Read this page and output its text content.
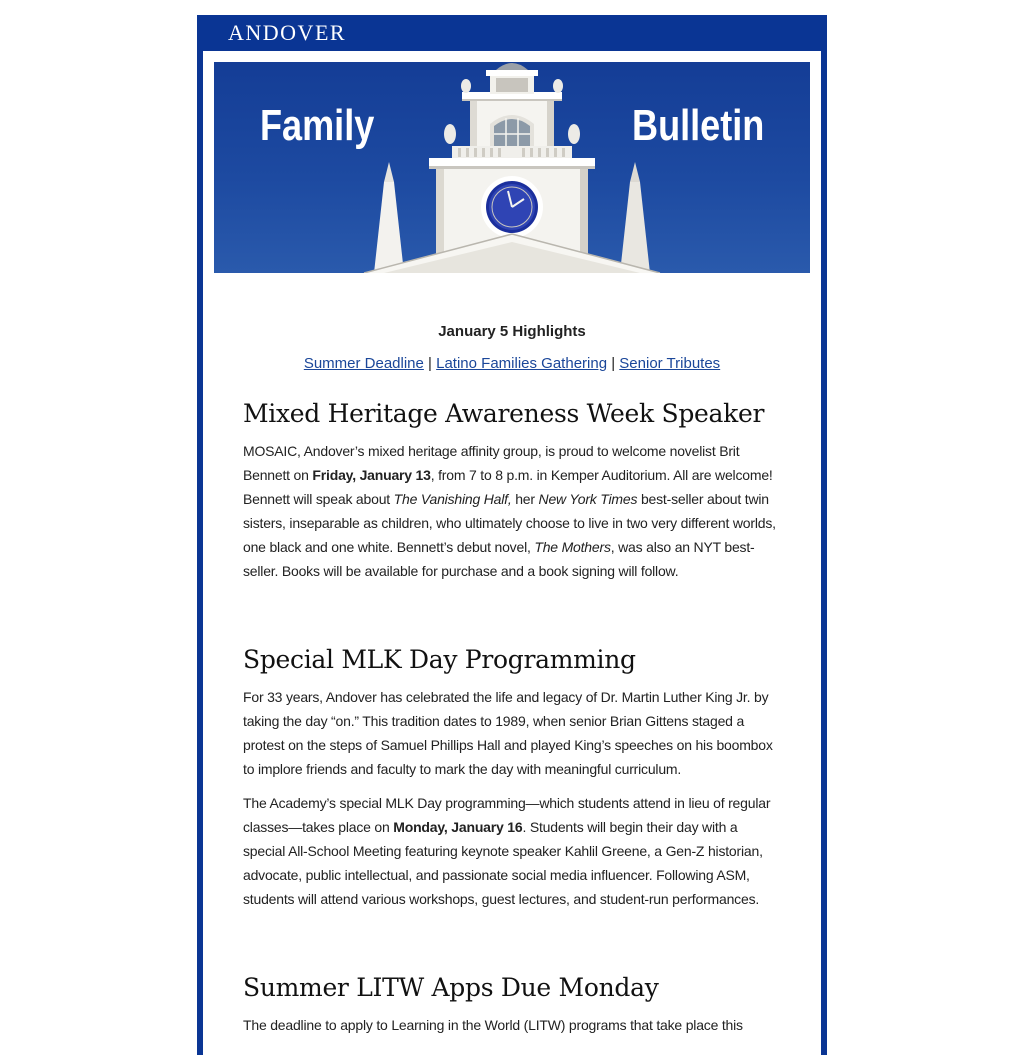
ANDOVER
Family	Bulletin
January 5 Highlights
Summer Deadline | Latino Families Gathering | Senior Tributes
Mixed Heritage Awareness Week Speaker

MOSAIC, Andover’s mixed heritage affinity group, is proud to welcome novelist Brit Bennett on Friday, January 13, from 7 to 8 p.m. in Kemper Auditorium. All are welcome! Bennett will speak about The Vanishing Half, her New York Times best-seller about twin sisters, inseparable as children, who ultimately choose to live in two very different worlds, one black and one white. Bennett’s debut novel, The Mothers, was also an NYT best-seller. Books will be available for purchase and a book signing will follow.

Special MLK Day Programming

For 33 years, Andover has celebrated the life and legacy of Dr. Martin Luther King Jr. by taking the day “on.” This tradition dates to 1989, when senior Brian Gittens staged a protest on the steps of Samuel Phillips Hall and played King’s speeches on his boombox to implore friends and faculty to mark the day with meaningful curriculum.

The Academy’s special MLK Day programming—which students attend in lieu of regular classes—takes place on Monday, January 16. Students will begin their day with a special All-School Meeting featuring keynote speaker Kahlil Greene, a Gen-Z historian, advocate, public intellectual, and passionate social media influencer. Following ASM, students will attend various workshops, guest lectures, and student-run performances.

Summer LITW Apps Due Monday

The deadline to apply to Learning in the World (LITW) programs that take place this
